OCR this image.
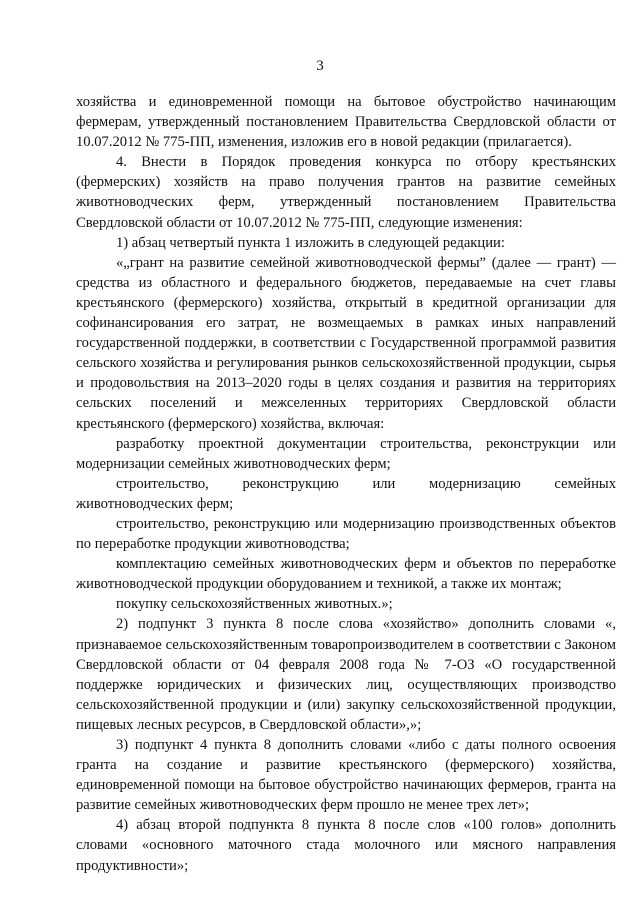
3

хозяйства и единовременной помощи на бытовое обустройство начинающим фермерам, утвержденный постановлением Правительства Свердловской области от 10.07.2012 № 775-ПП, изменения, изложив его в новой редакции (прилагается).

4. Внести в Порядок проведения конкурса по отбору крестьянских (фермерских) хозяйств на право получения грантов на развитие семейных животноводческих ферм, утвержденный постановлением Правительства Свердловской области от 10.07.2012 № 775-ПП, следующие изменения:

1) абзац четвертый пункта 1 изложить в следующей редакции:

«„грант на развитие семейной животноводческой фермы” (далее — грант) — средства из областного и федерального бюджетов, передаваемые на счет главы крестьянского (фермерского) хозяйства, открытый в кредитной организации для софинансирования его затрат, не возмещаемых в рамках иных направлений государственной поддержки, в соответствии с Государственной программой развития сельского хозяйства и регулирования рынков сельскохозяйственной продукции, сырья и продовольствия на 2013–2020 годы в целях создания и развития на территориях сельских поселений и межселенных территориях Свердловской области крестьянского (фермерского) хозяйства, включая:

разработку проектной документации строительства, реконструкции или модернизации семейных животноводческих ферм;

строительство, реконструкцию или модернизацию семейных животноводческих ферм;

строительство, реконструкцию или модернизацию производственных объектов по переработке продукции животноводства;

комплектацию семейных животноводческих ферм и объектов по переработке животноводческой продукции оборудованием и техникой, а также их монтаж;

покупку сельскохозяйственных животных.»;

2) подпункт 3 пункта 8 после слова «хозяйство» дополнить словами «, признаваемое сельскохозяйственным товаропроизводителем в соответствии с Законом Свердловской области от 04 февраля 2008 года № 7-ОЗ «О государственной поддержке юридических и физических лиц, осуществляющих производство сельскохозяйственной продукции и (или) закупку сельскохозяйственной продукции, пищевых лесных ресурсов, в Свердловской области»,»;

3) подпункт 4 пункта 8 дополнить словами «либо с даты полного освоения гранта на создание и развитие крестьянского (фермерского) хозяйства, единовременной помощи на бытовое обустройство начинающих фермеров, гранта на развитие семейных животноводческих ферм прошло не менее трех лет»;

4) абзац второй подпункта 8 пункта 8 после слов «100 голов» дополнить словами «основного маточного стада молочного или мясного направления продуктивности»;
